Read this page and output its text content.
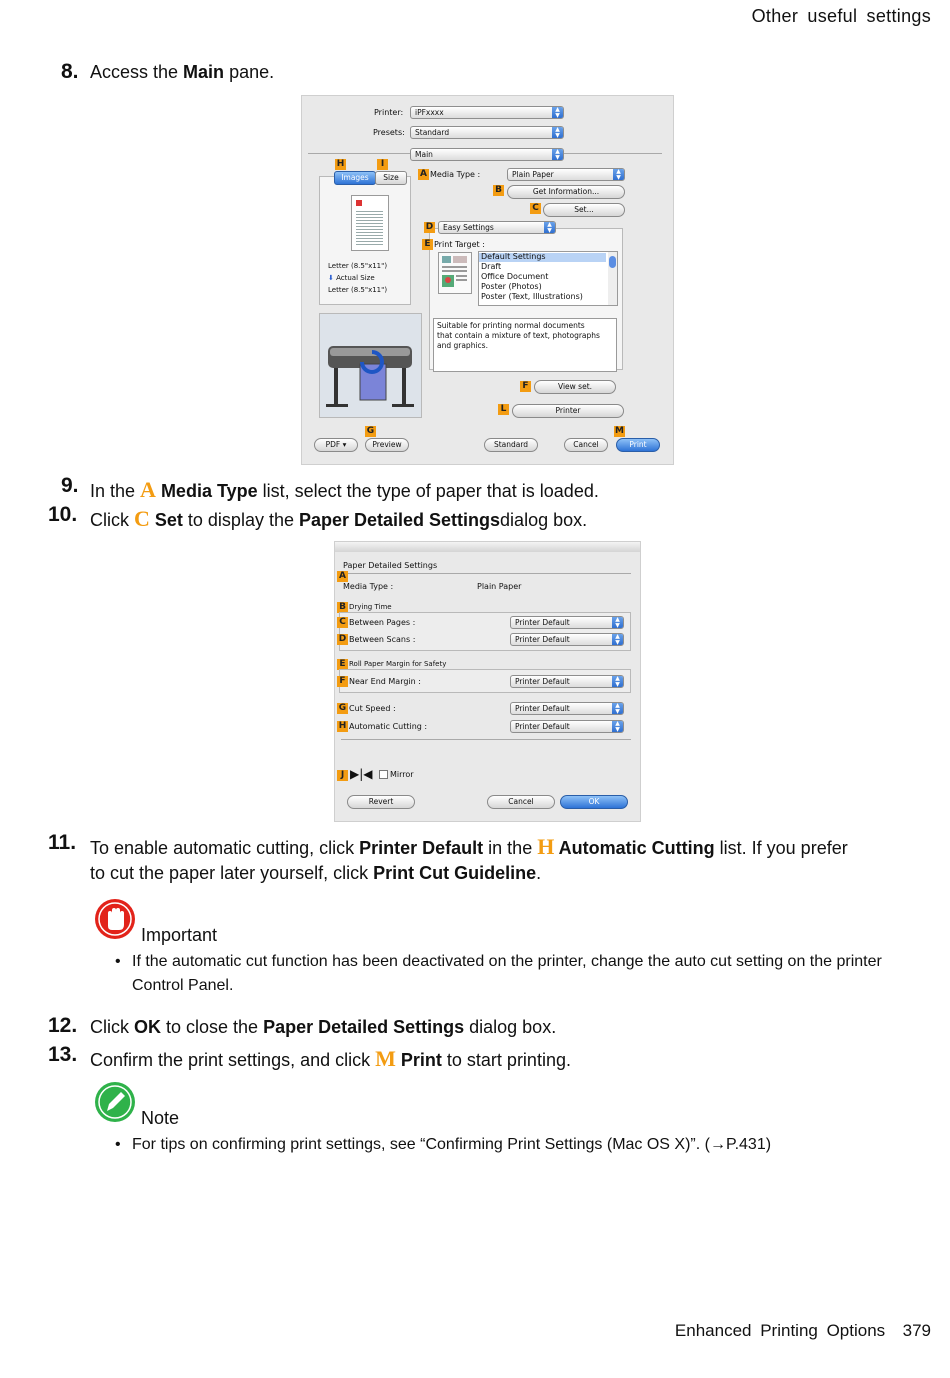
Other useful settings
Enhanced Printing Options 379
8. Access the Main pane.
Printer:	iPFxxxx	▲
▼
Presets:	Standard	▲
▼
Main	▲
▼
H	I
Images	Size
Letter (8.5"x11")
⬇ Actual Size
Letter (8.5"x11")
A Media Type :	Plain Paper	▲
▼
B	Get Information...
C	Set...
D	Easy Settings	▲
▼
E Print Target :
Default Settings
Draft
Office Document
Poster (Photos)
Poster (Text, Illustrations)
Suitable for printing normal documents that contain a mixture of text, photographs and graphics.
F	View set.
L	Printer
G	M
PDF ▾	Preview	Standard	Cancel	Print
9. In the A Media Type list, select the type of paper that is loaded.
10. Click C Set to display the Paper Detailed Settingsdialog box.
Paper Detailed Settings
A
Media Type :	Plain Paper
B Drying Time
C Between Pages :	Printer Default	▲
▼
D Between Scans :	Printer Default	▲
▼
E Roll Paper Margin for Safety
F Near End Margin :	Printer Default	▲
▼
G Cut Speed :	Printer Default	▲
▼
H Automatic Cutting :	Printer Default	▲
▼
J ▶|◀ Mirror
Revert	Cancel	OK
11. To enable automatic cutting, click Printer Default in the H Automatic Cutting list. If you prefer
to cut the paper later yourself, click Print Cut Guideline.
Important
• If the automatic cut function has been deactivated on the printer, change the auto cut setting on the printer Control Panel.
12. Click OK to close the Paper Detailed Settings dialog box.
13. Confirm the print settings, and click M Print to start printing.
Note
• For tips on confirming print settings, see “Confirming Print Settings (Mac OS X)”. (→P.431)
